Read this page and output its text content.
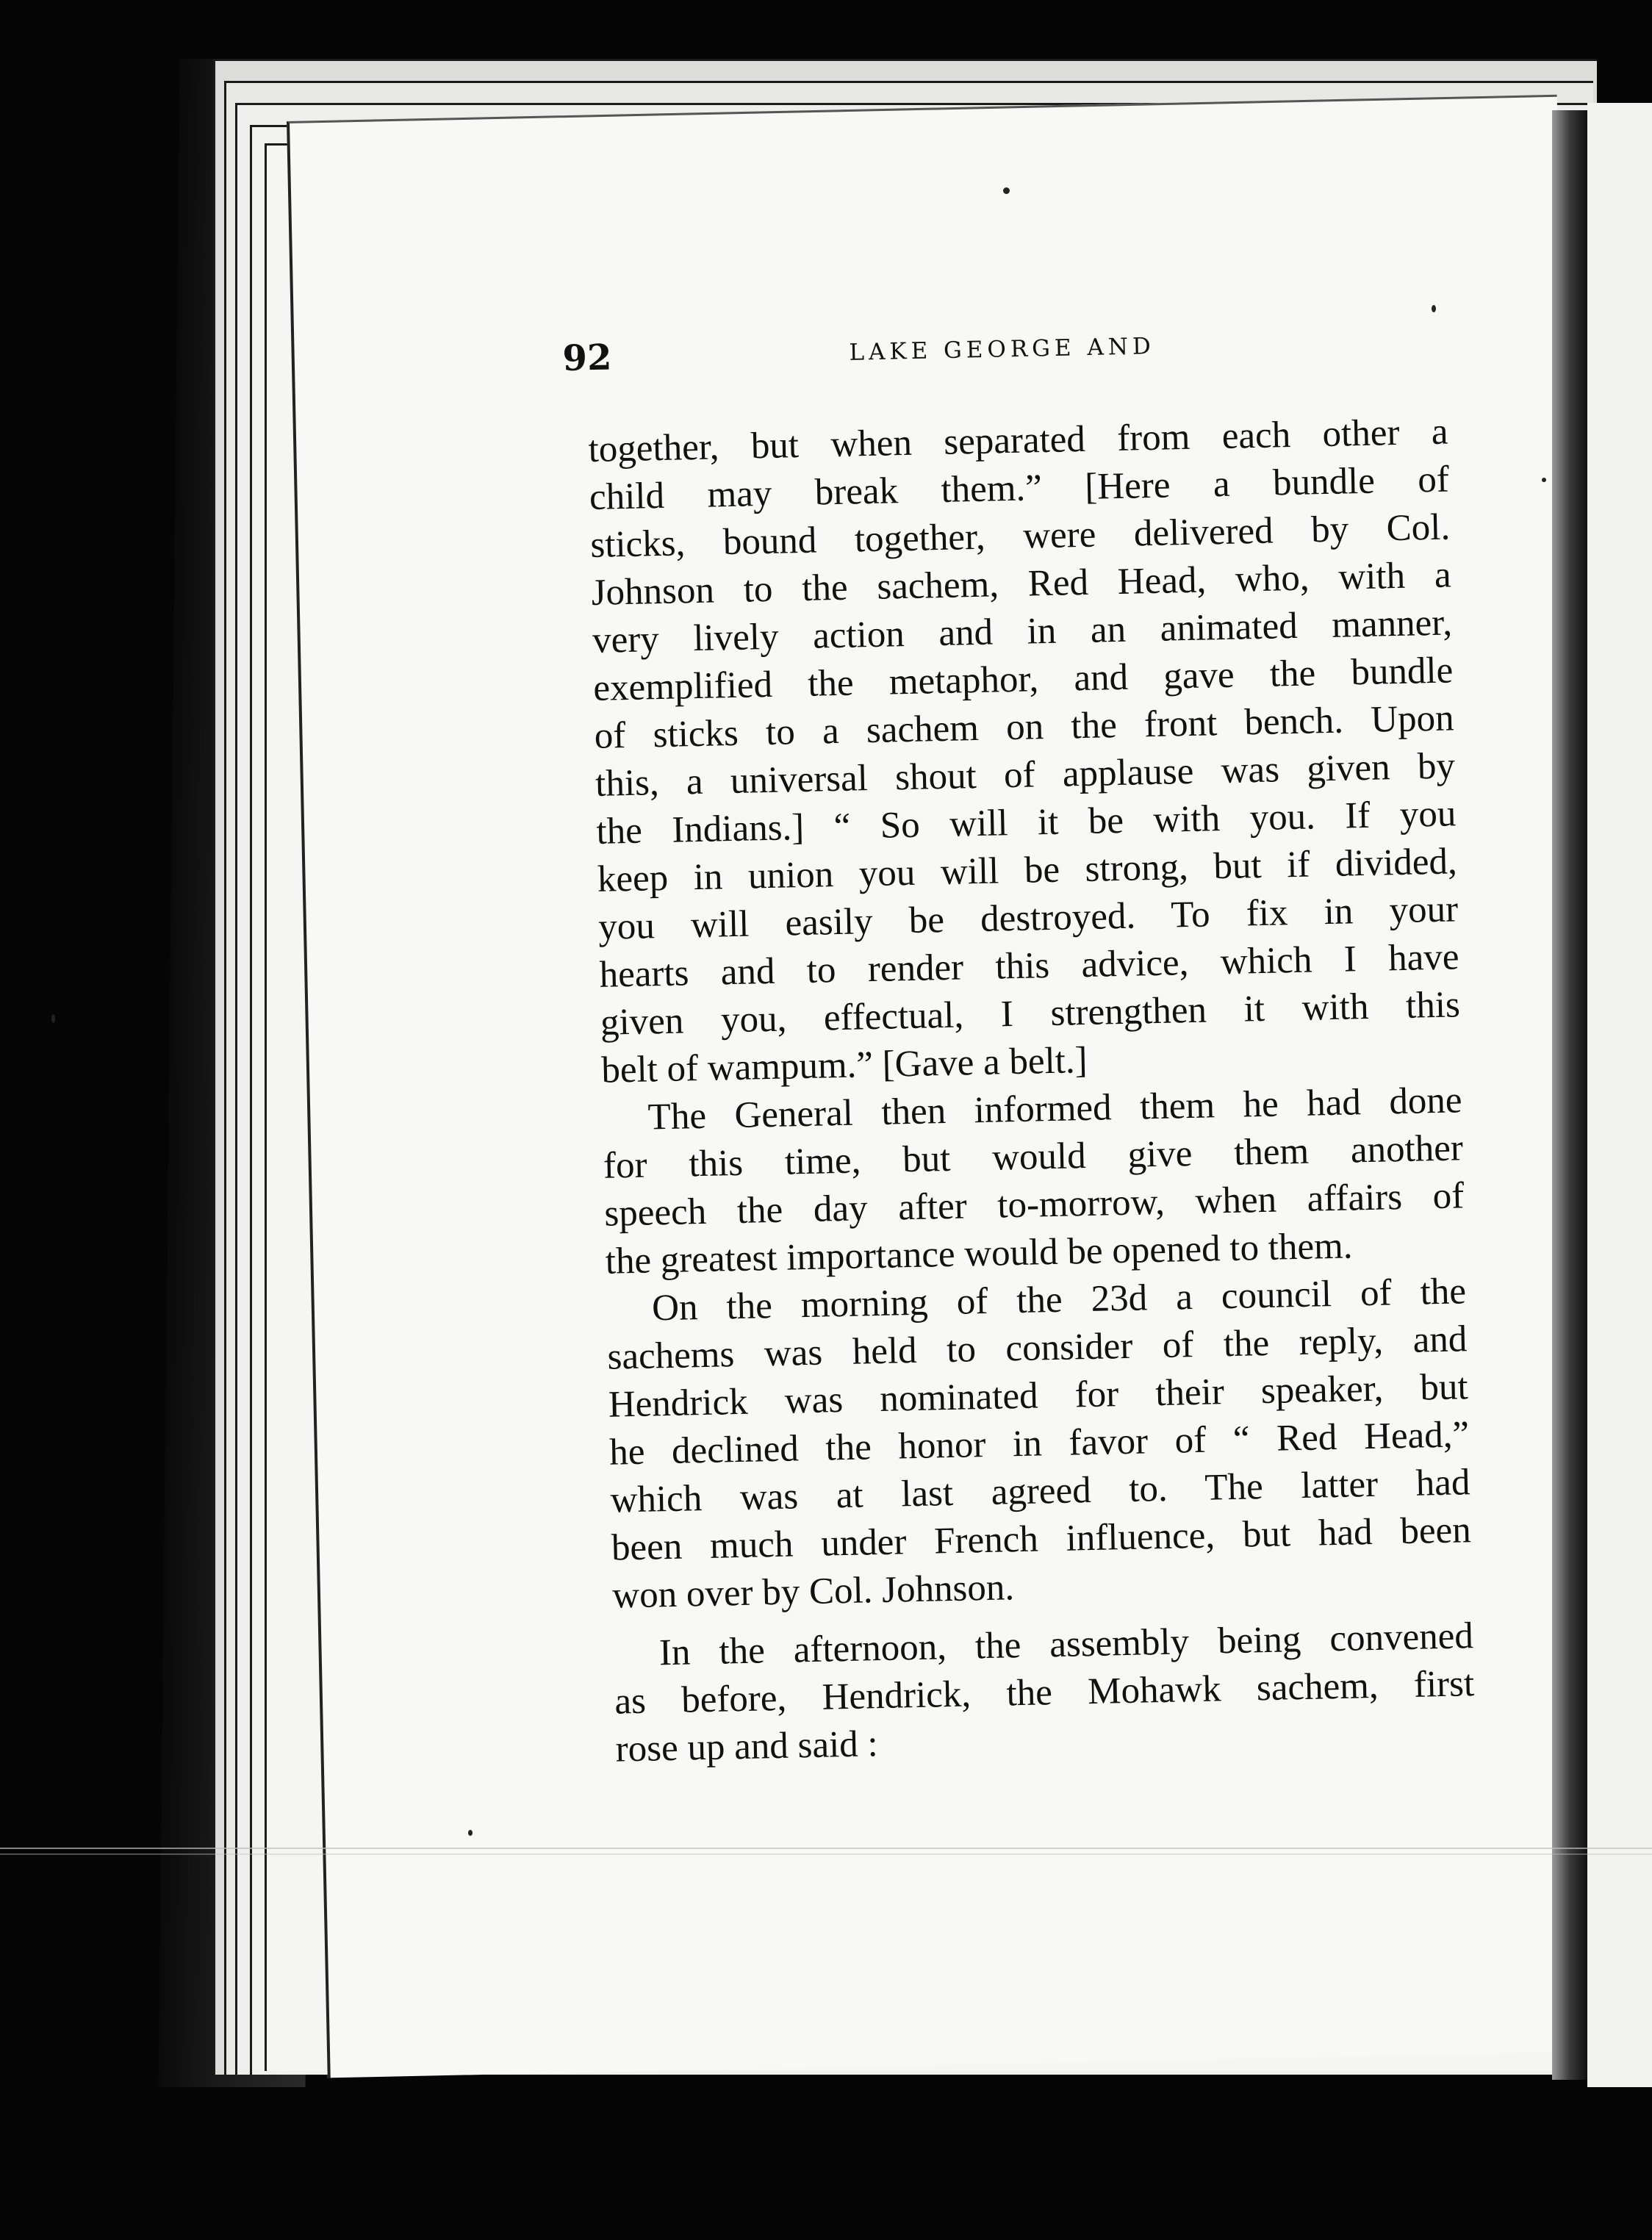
92	LAKE GEORGE AND
together, but when separated from each other a
child may break them.” [Here a bundle of
sticks, bound together, were delivered by Col.
Johnson to the sachem, Red Head, who, with a
very lively action and in an animated manner,
exemplified the metaphor, and gave the bundle
of sticks to a sachem on the front bench. Upon
this, a universal shout of applause was given by
the Indians.] “ So will it be with you. If you
keep in union you will be strong, but if divided,
you will easily be destroyed. To fix in your
hearts and to render this advice, which I have
given you, effectual, I strengthen it with this
belt of wampum.” [Gave a belt.]
The General then informed them he had done
for this time, but would give them another
speech the day after to-morrow, when affairs of
the greatest importance would be opened to them.
On the morning of the 23d a council of the
sachems was held to consider of the reply, and
Hendrick was nominated for their speaker, but
he declined the honor in favor of “ Red Head,”
which was at last agreed to. The latter had
been much under French influence, but had been
won over by Col. Johnson.
In the afternoon, the assembly being convened
as before, Hendrick, the Mohawk sachem, first
rose up and said :
